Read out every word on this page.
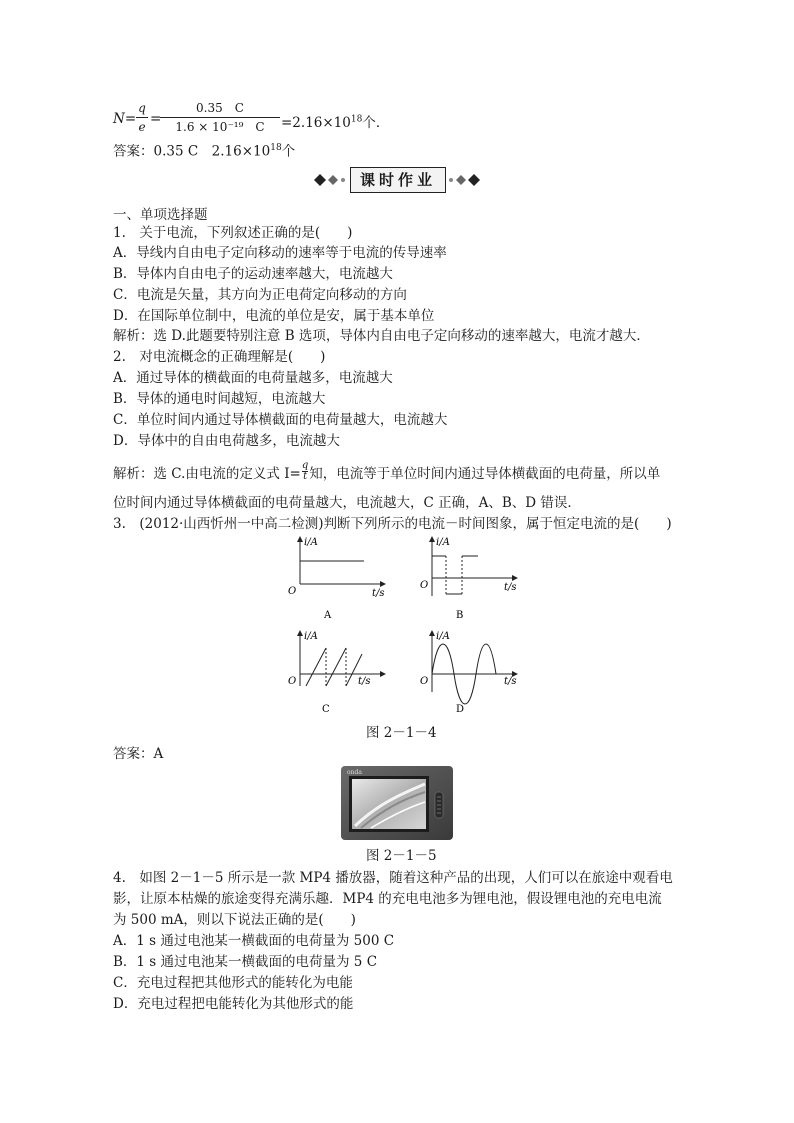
N=
q
e =
0.35　C
1.6 × 10⁻¹⁹　C	$=2.16\times 10^{18}$个．
答案：0.35 C　$2.16\times 10^{18}$个
课时作业
一、单项选择题
1.　关于电流，下列叙述正确的是(　　)
A．导线内自由电子定向移动的速率等于电流的传导速率
B．导体内自由电子的运动速率越大，电流越大
C．电流是矢量，其方向为正电荷定向移动的方向
D．在国际单位制中，电流的单位是安，属于基本单位
解析：选 D.此题要特别注意 B 选项，导体内自由电子定向移动的速率越大，电流才越大．
2.　对电流概念的正确理解是(　　)
A．通过导体的横截面的电荷量越多，电流越大
B．导体的通电时间越短，电流越大
C．单位时间内通过导体横截面的电荷量越大，电流越大
D．导体中的自由电荷越多，电流越大
解析：选 C.由电流的定义式 $I= \frac{q}{t}$ 知，电流等于单位时间内通过导体横截面的电荷量，所以单
位时间内通过导体横截面的电荷量越大，电流越大，C 正确，A、B、D 错误．
3.　(2012·山西忻州一中高二检测)判断下列所示的电流－时间图象，属于恒定电流的是(　　)
i/A
O	t/s
A
i/A
O	t/s
B
i/A
O	t/s
C
i/A
O	t/s
D
图 2－1－4
答案：A
onda
图 2－1－5
4.　如图 2－1－5 所示是一款 MP4 播放器，随着这种产品的出现，人们可以在旅途中观看电
影，让原本枯燥的旅途变得充满乐趣．MP4 的充电电池多为锂电池，假设锂电池的充电电流
为 500 mA，则以下说法正确的是(　　)
A．1 s 通过电池某一横截面的电荷量为 500 C
B．1 s 通过电池某一横截面的电荷量为 5 C
C．充电过程把其他形式的能转化为电能
D．充电过程把电能转化为其他形式的能
